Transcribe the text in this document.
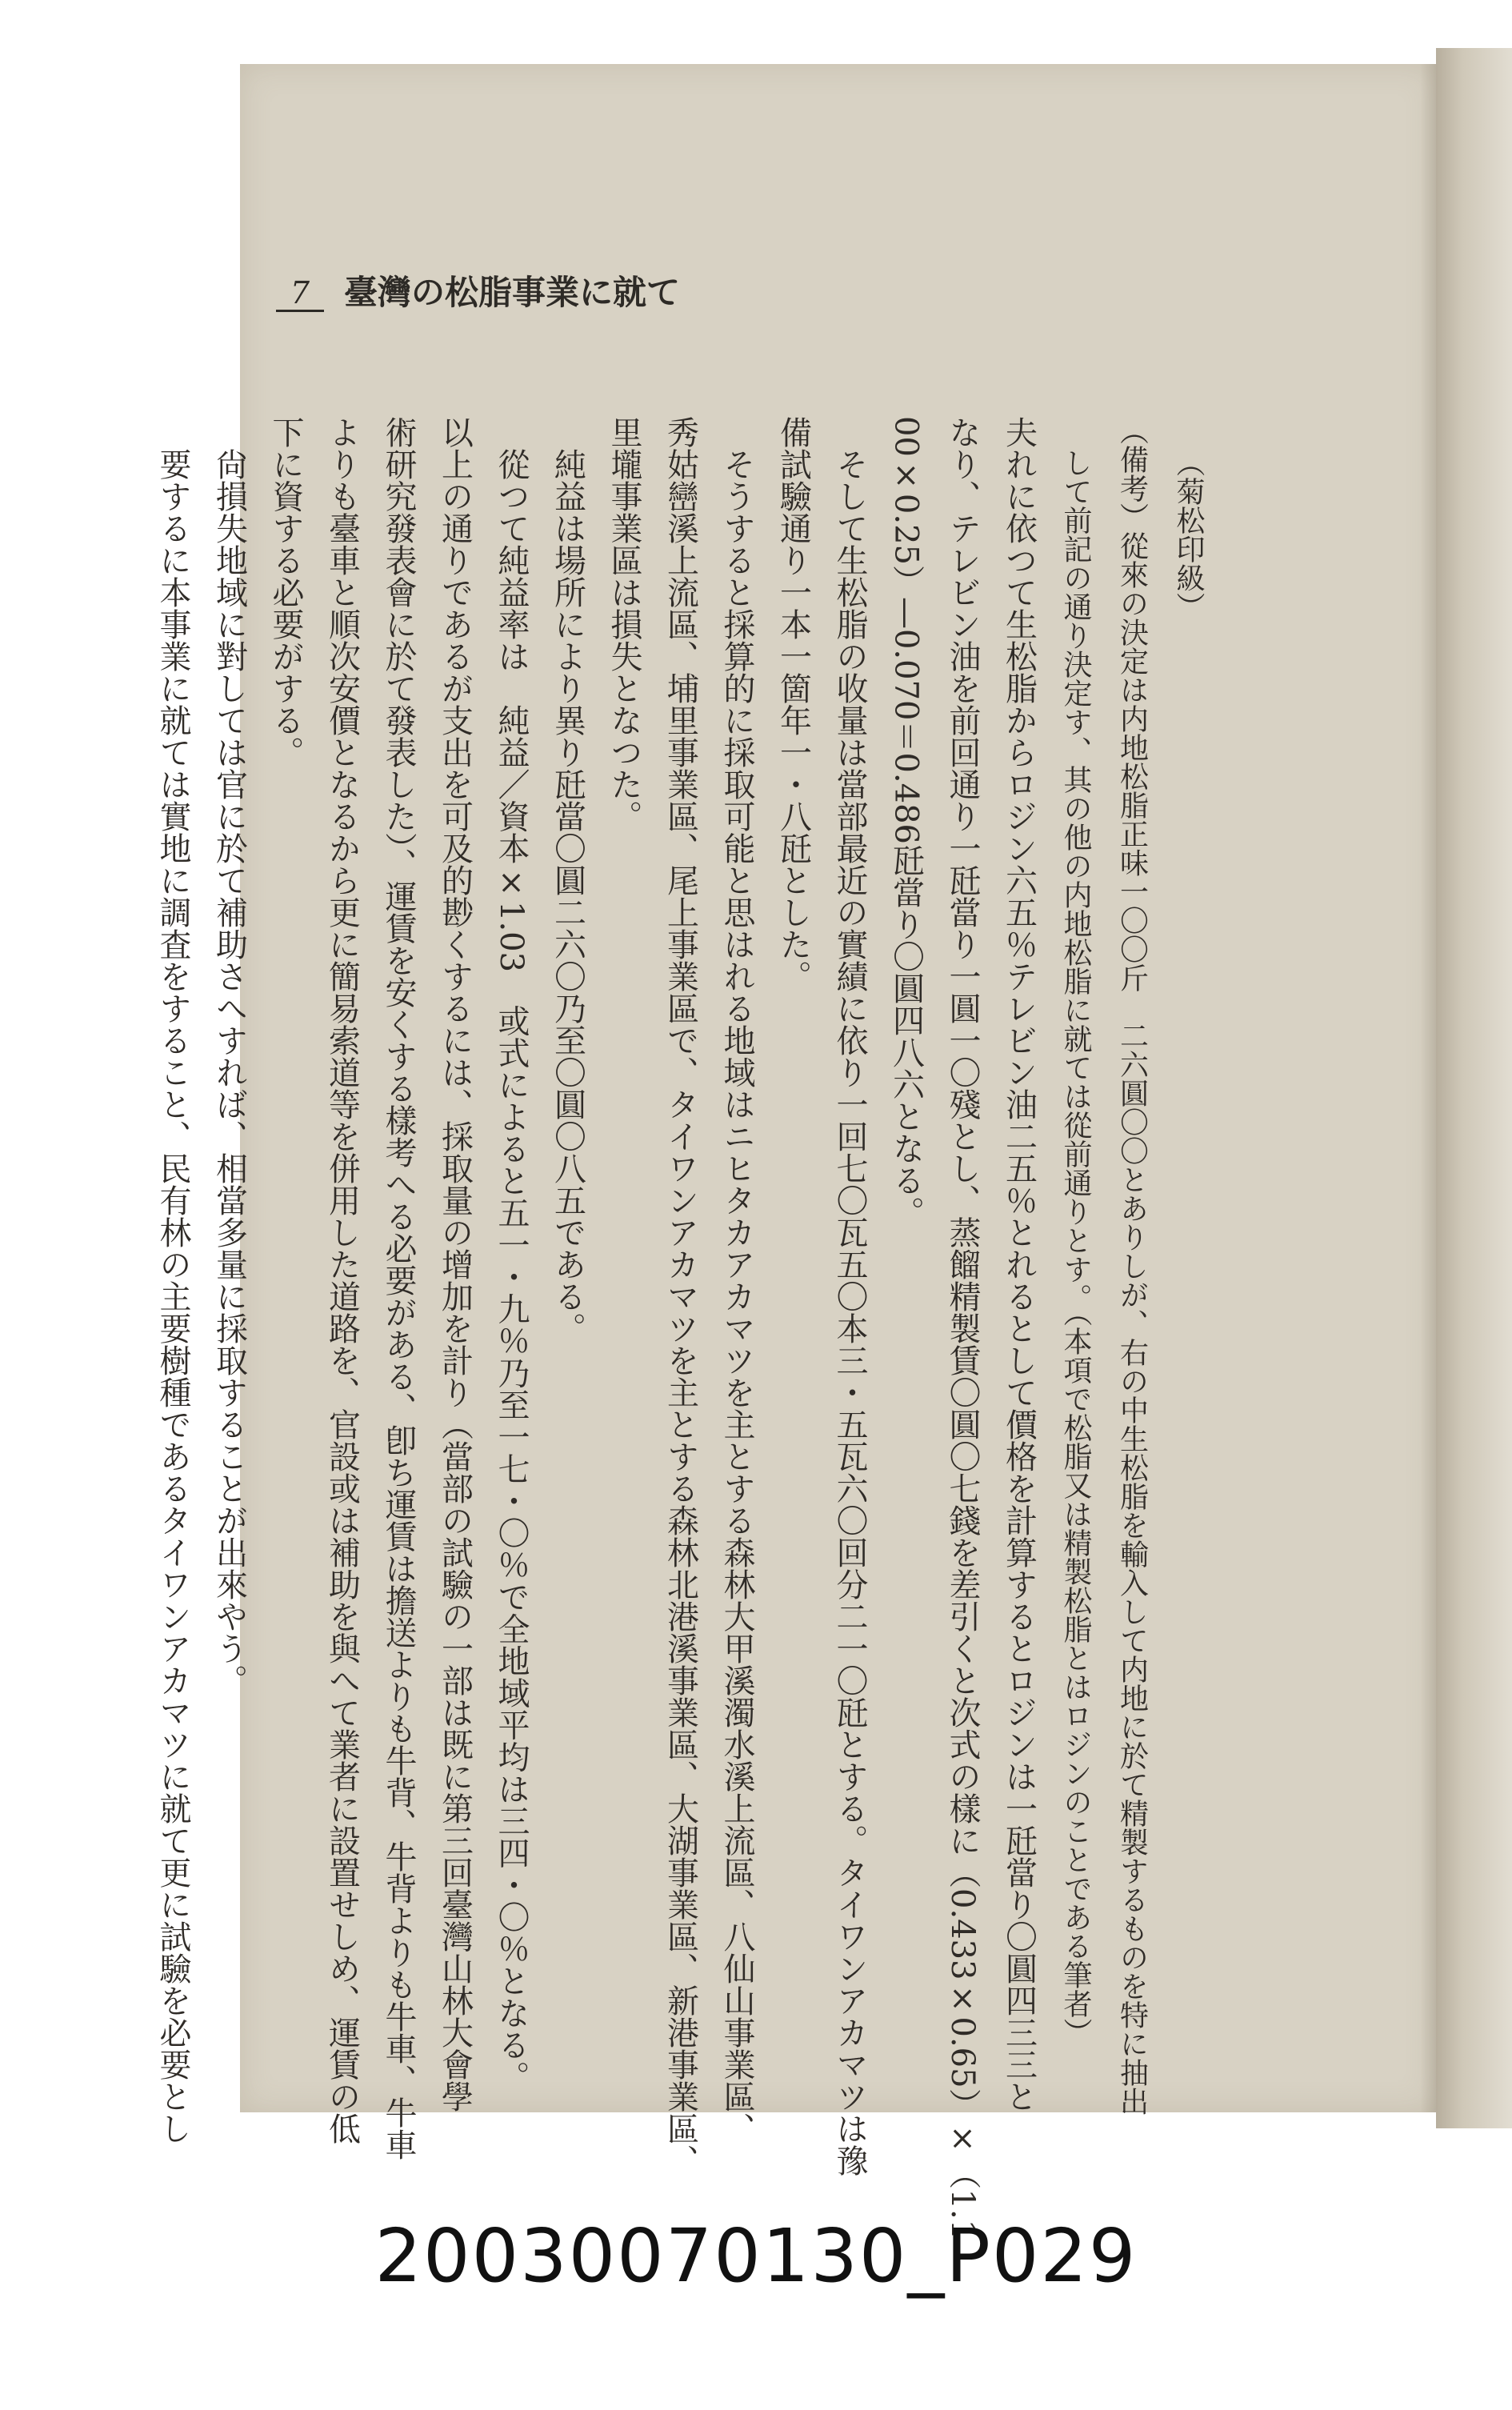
7	臺灣の松脂事業に就て
（菊松印級）
（備考）從來の決定は内地松脂正味一〇〇斤　二六圓〇〇とありしが、右の中生松脂を輸入して内地に於て精製するものを特に抽出
して前記の通り決定す、其の他の内地松脂に就ては從前通りとす。（本項で松脂又は精製松脂とはロジンのことである筆者）
夫れに依つて生松脂からロジン六五％テレビン油二五％とれるとして價格を計算するとロジンは一瓩當り〇圓四三三と
なり、テレビン油を前回通り一瓩當り一圓一〇殘とし、蒸餾精製賃〇圓〇七錢を差引くと次式の樣に（0.433×0.65）×（1.1
00×0.25）—0.070＝0.486瓩當り〇圓四八六となる。
そして生松脂の收量は當部最近の實績に依り一回七〇瓦五〇本三・五瓦六〇回分二一〇瓩とする。タイワンアカマツは豫
備試驗通り一本一箇年一・八瓩とした。
そうすると採算的に採取可能と思はれる地域はニヒタカアカマツを主とする森林大甲溪濁水溪上流區、八仙山事業區、
秀姑巒溪上流區、埔里事業區、尾上事業區で、タイワンアカマツを主とする森林北港溪事業區、大湖事業區、新港事業區、
里壠事業區は損失となつた。
純益は場所により異り瓩當〇圓二六〇乃至〇圓〇八五である。
從つて純益率は　純益／資本×1.03　或式によると五一・九％乃至一七・〇％で全地域平均は三四・〇％となる。
以上の通りであるが支出を可及的尠くするには、採取量の增加を計り（當部の試驗の一部は既に第三回臺灣山林大會學
術研究發表會に於て發表した）、運賃を安くする樣考へる必要がある、卽ち運賃は擔送よりも牛背、牛背よりも牛車、牛車
よりも臺車と順次安價となるから更に簡易索道等を併用した道路を、官設或は補助を與へて業者に設置せしめ、運賃の低
下に資する必要がする。
尙損失地域に對しては官に於て補助さへすれば、相當多量に採取することが出來やう。
要するに本事業に就ては實地に調査をすること、民有林の主要樹種であるタイワンアカマツに就て更に試驗を必要とし
20030070130_P029
